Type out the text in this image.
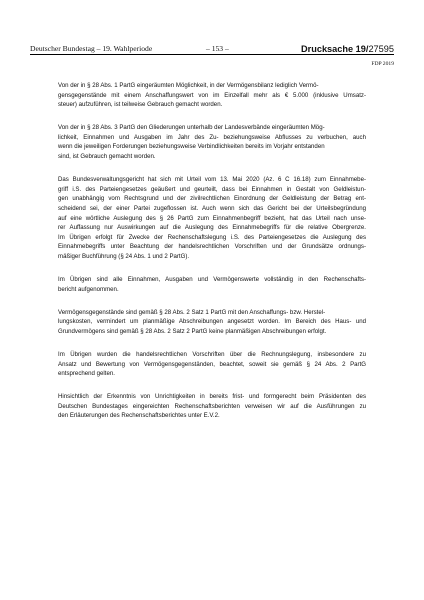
Deutscher Bundestag – 19. Wahlperiode	– 153 –	Drucksache 19/27595
FDP 2019

Von der in § 28 Abs. 1 PartG eingeräumten Möglichkeit, in der Vermögensbilanz lediglich Vermö-
gensgegenstände mit einem Anschaffungswert von im Einzelfall mehr als € 5.000 (inklusive Umsatz-
steuer) aufzuführen, ist teilweise Gebrauch gemacht worden.

Von der in § 28 Abs. 3 PartG den Gliederungen unterhalb der Landesverbände eingeräumten Mög-
lichkeit, Einnahmen und Ausgaben im Jahr des Zu- beziehungsweise Abflusses zu verbuchen, auch
wenn die jeweiligen Forderungen beziehungsweise Verbindlichkeiten bereits im Vorjahr entstanden
sind, ist Gebrauch gemacht worden.

Das Bundesverwaltungsgericht hat sich mit Urteil vom 13. Mai 2020 (Az. 6 C 16.18) zum Einnahmebe-
griff i.S. des Parteiengesetzes geäußert und geurteilt, dass bei Einnahmen in Gestalt von Geldleistun-
gen unabhängig vom Rechtsgrund und der zivilrechtlichen Einordnung der Geldleistung der Betrag ent-
scheidend sei, der einer Partei zugeflossen ist. Auch wenn sich das Gericht bei der Urteilsbegründung
auf eine wörtliche Auslegung des § 26 PartG zum Einnahmenbegriff bezieht, hat das Urteil nach unse-
rer Auffassung nur Auswirkungen auf die Auslegung des Einnahmebegriffs für die relative Obergrenze.
Im Übrigen erfolgt für Zwecke der Rechenschaftslegung i.S. des Parteiengesetzes die Auslegung des
Einnahmebegriffs unter Beachtung der handelsrechtlichen Vorschriften und der Grundsätze ordnungs-
mäßiger Buchführung (§ 24 Abs. 1 und 2 PartG).

Im Übrigen sind alle Einnahmen, Ausgaben und Vermögenswerte vollständig in den Rechenschafts-
bericht aufgenommen.

Vermögensgegenstände sind gemäß § 28 Abs. 2 Satz 1 PartG mit den Anschaffungs- bzw. Herstel-
lungskosten, vermindert um planmäßige Abschreibungen angesetzt worden. Im Bereich des Haus- und
Grundvermögens sind gemäß § 28 Abs. 2 Satz 2 PartG keine planmäßigen Abschreibungen erfolgt.

Im Übrigen wurden die handelsrechtlichen Vorschriften über die Rechnungslegung, insbesondere zu
Ansatz und Bewertung von Vermögensgegenständen, beachtet, soweit sie gemäß § 24 Abs. 2 PartG
entsprechend gelten.

Hinsichtlich der Erkenntnis von Unrichtigkeiten in bereits frist- und formgerecht beim Präsidenten des
Deutschen Bundestages eingereichten Rechenschaftsberichten verweisen wir auf die Ausführungen zu
den Erläuterungen des Rechenschaftsberichtes unter E.V.2.
